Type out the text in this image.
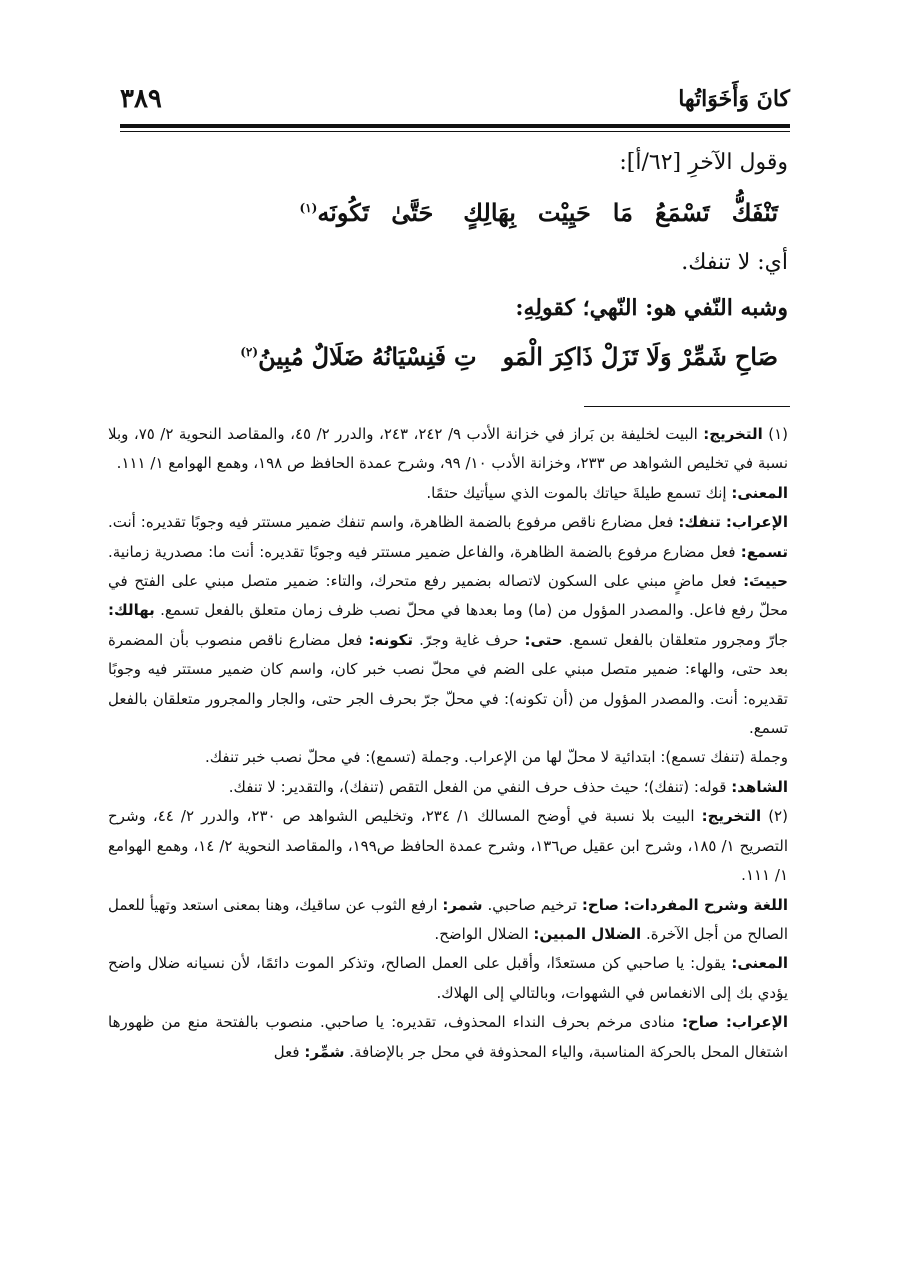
كانَ وَأَخَوَاتُها
٣٨٩

وقول الآخرِ [٦٢/أ]:

تَنْفَكُّتَسْمَعُمَاحَيِيْتبِهَالِكٍحَتَّىٰتَكُونَه$^{(١)}$

أي: لا تنفك.

وشبه النّفي هو: النّهي؛ كقولِهِ:

صَاحِشَمِّرْوَلَاتَزَلْذَاكِرَالْمَوتِفَنِسْيَانُهُضَلَالٌمُبِينُ$^{(٢)}$

(١) التخريج: البيت لخليفة بن بَراز في خزانة الأدب ٩/ ٢٤٢، ٢٤٣، والدرر ٢/ ٤٥، والمقاصد النحوية ٢/ ٧٥، وبلا نسبة في تخليص الشواهد ص ٢٣٣، وخزانة الأدب ١٠/ ٩٩، وشرح عمدة الحافظ ص ١٩٨، وهمع الهوامع ١/ ١١١.

المعنى: إنك تسمع طيلةَ حياتك بالموت الذي سيأتيك حتمًا.

الإعراب: تنفك: فعل مضارع ناقص مرفوع بالضمة الظاهرة، واسم تنفك ضمير مستتر فيه وجوبًا تقديره: أنت. تسمع: فعل مضارع مرفوع بالضمة الظاهرة، والفاعل ضمير مستتر فيه وجوبًا تقديره: أنت ما: مصدرية زمانية. حييتَ: فعل ماضٍ مبني على السكون لاتصاله بضمير رفع متحرك، والتاء: ضمير متصل مبني على الفتح في محلّ رفع فاعل. والمصدر المؤول من (ما) وما بعدها في محلّ نصب ظرف زمان متعلق بالفعل تسمع. بهالك: جارّ ومجرور متعلقان بالفعل تسمع. حتى: حرف غاية وجرّ. تكونه: فعل مضارع ناقص منصوب بأن المضمرة بعد حتى، والهاء: ضمير متصل مبني على الضم في محلّ نصب خبر كان، واسم كان ضمير مستتر فيه وجوبًا تقديره: أنت. والمصدر المؤول من (أن تكونه): في محلّ جرّ بحرف الجر حتى، والجار والمجرور متعلقان بالفعل تسمع.

وجملة (تنفك تسمع): ابتدائية لا محلّ لها من الإعراب. وجملة (تسمع): في محلّ نصب خبر تنفك.

الشاهد: قوله: (تنفك)؛ حيث حذف حرف النفي من الفعل التقص (تنفك)، والتقدير: لا تنفك.

(٢) التخريج: البيت بلا نسبة في أوضح المسالك ١/ ٢٣٤، وتخليص الشواهد ص ٢٣٠، والدرر ٢/ ٤٤، وشرح التصريح ١/ ١٨٥، وشرح ابن عقيل ص١٣٦، وشرح عمدة الحافظ ص١٩٩، والمقاصد النحوية ٢/ ١٤، وهمع الهوامع ١/ ١١١.

اللغة وشرح المفردات: صاح: ترخيم صاحبي. شمر: ارفع الثوب عن ساقيك، وهنا بمعنى استعد وتهيأ للعمل الصالح من أجل الآخرة. الضلال المبين: الضلال الواضح.

المعنى: يقول: يا صاحبي كن مستعدًا، وأقبل على العمل الصالح، وتذكر الموت دائمًا، لأن نسيانه ضلال واضح يؤدي بك إلى الانغماس في الشهوات، وبالتالي إلى الهلاك.

الإعراب: صاح: منادى مرخم بحرف النداء المحذوف، تقديره: يا صاحبي. منصوب بالفتحة منع من ظهورها اشتغال المحل بالحركة المناسبة، والياء المحذوفة في محل جر بالإضافة. شمِّر: فعل
